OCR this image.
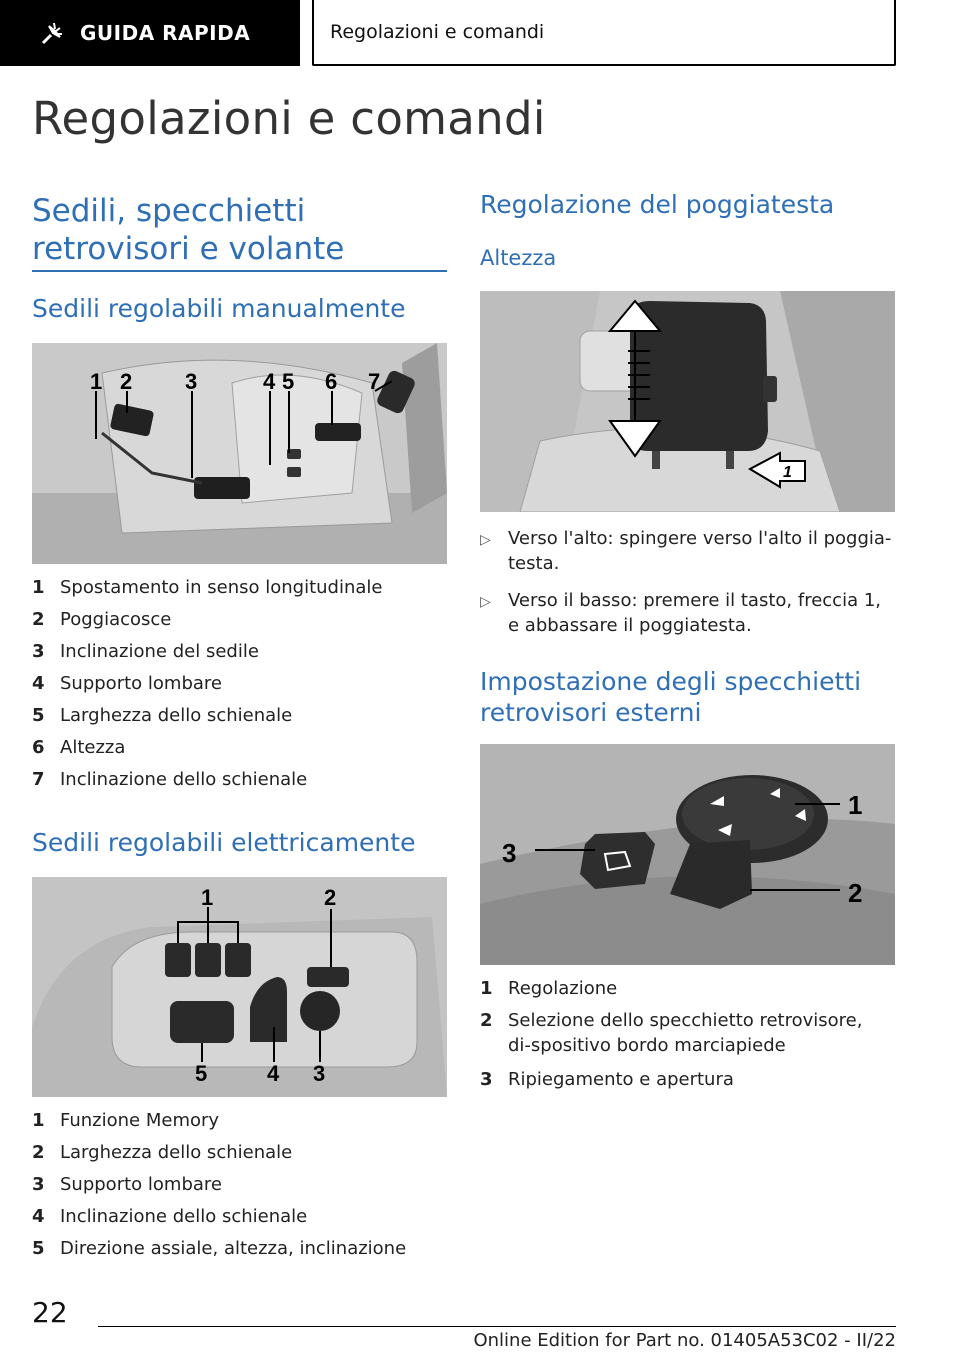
GUIDA RAPIDA	Regolazioni e comandi
Regolazioni e comandi
Sedili, specchietti retrovisori e volante
Sedili regolabili manualmente
1 2 3	4 5 6 7
1 Spostamento in senso longitudinale
2 Poggiacosce
3 Inclinazione del sedile
4 Supporto lombare
5 Larghezza dello schienale
6 Altezza
7 Inclinazione dello schienale
Sedili regolabili elettricamente
1	2
5	4 3
1 Funzione Memory
2 Larghezza dello schienale
3 Supporto lombare
4 Inclinazione dello schienale
5 Direzione assiale, altezza, inclinazione
Regolazione del poggiatesta
Altezza
1
▷ Verso l'alto: spingere verso l'alto il poggia-testa.
▷ Verso il basso: premere il tasto, freccia 1, e abbassare il poggiatesta.
Impostazione degli specchietti retrovisori esterni
1
2
3
1 Regolazione
2 Selezione dello specchietto retrovisore, di-spositivo bordo marciapiede
3 Ripiegamento e apertura
22
Online Edition for Part no. 01405A53C02 - II/22
